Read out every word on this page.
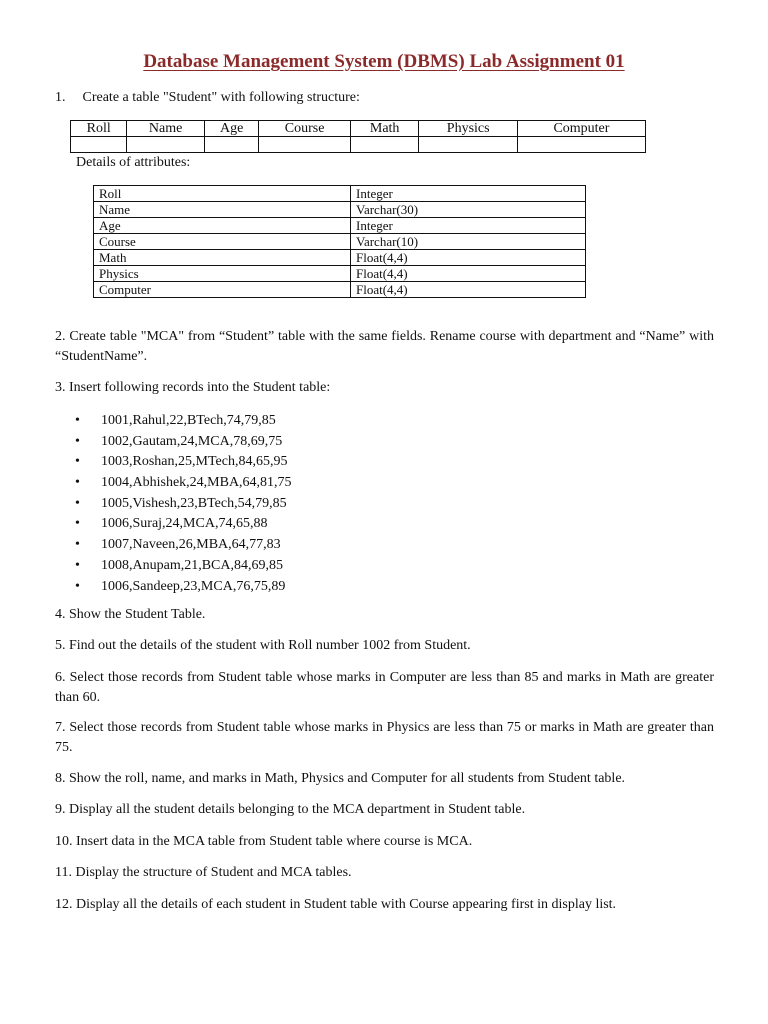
Database Management System (DBMS) Lab Assignment 01
1. Create a table "Student" with following structure:
Roll	Name	Age	Course	Math	Physics	Computer

Details of attributes:
Roll	Integer
Name	Varchar(30)
Age	Integer
Course	Varchar(10)
Math	Float(4,4)
Physics	Float(4,4)
Computer	Float(4,4)
2. Create table "MCA" from “Student” table with the same fields. Rename course with department and “Name” with “StudentName”.
3. Insert following records into the Student table:
• 1001,Rahul,22,BTech,74,79,85
• 1002,Gautam,24,MCA,78,69,75
• 1003,Roshan,25,MTech,84,65,95
• 1004,Abhishek,24,MBA,64,81,75
• 1005,Vishesh,23,BTech,54,79,85
• 1006,Suraj,24,MCA,74,65,88
• 1007,Naveen,26,MBA,64,77,83
• 1008,Anupam,21,BCA,84,69,85
• 1006,Sandeep,23,MCA,76,75,89
4. Show the Student Table.
5. Find out the details of the student with Roll number 1002 from Student.
6. Select those records from Student table whose marks in Computer are less than 85 and marks in Math are greater than 60.
7. Select those records from Student table whose marks in Physics are less than 75 or marks in Math are greater than 75.
8. Show the roll, name, and marks in Math, Physics and Computer for all students from Student table.
9. Display all the student details belonging to the MCA department in Student table.
10. Insert data in the MCA table from Student table where course is MCA.
11. Display the structure of Student and MCA tables.
12. Display all the details of each student in Student table with Course appearing first in display list.
